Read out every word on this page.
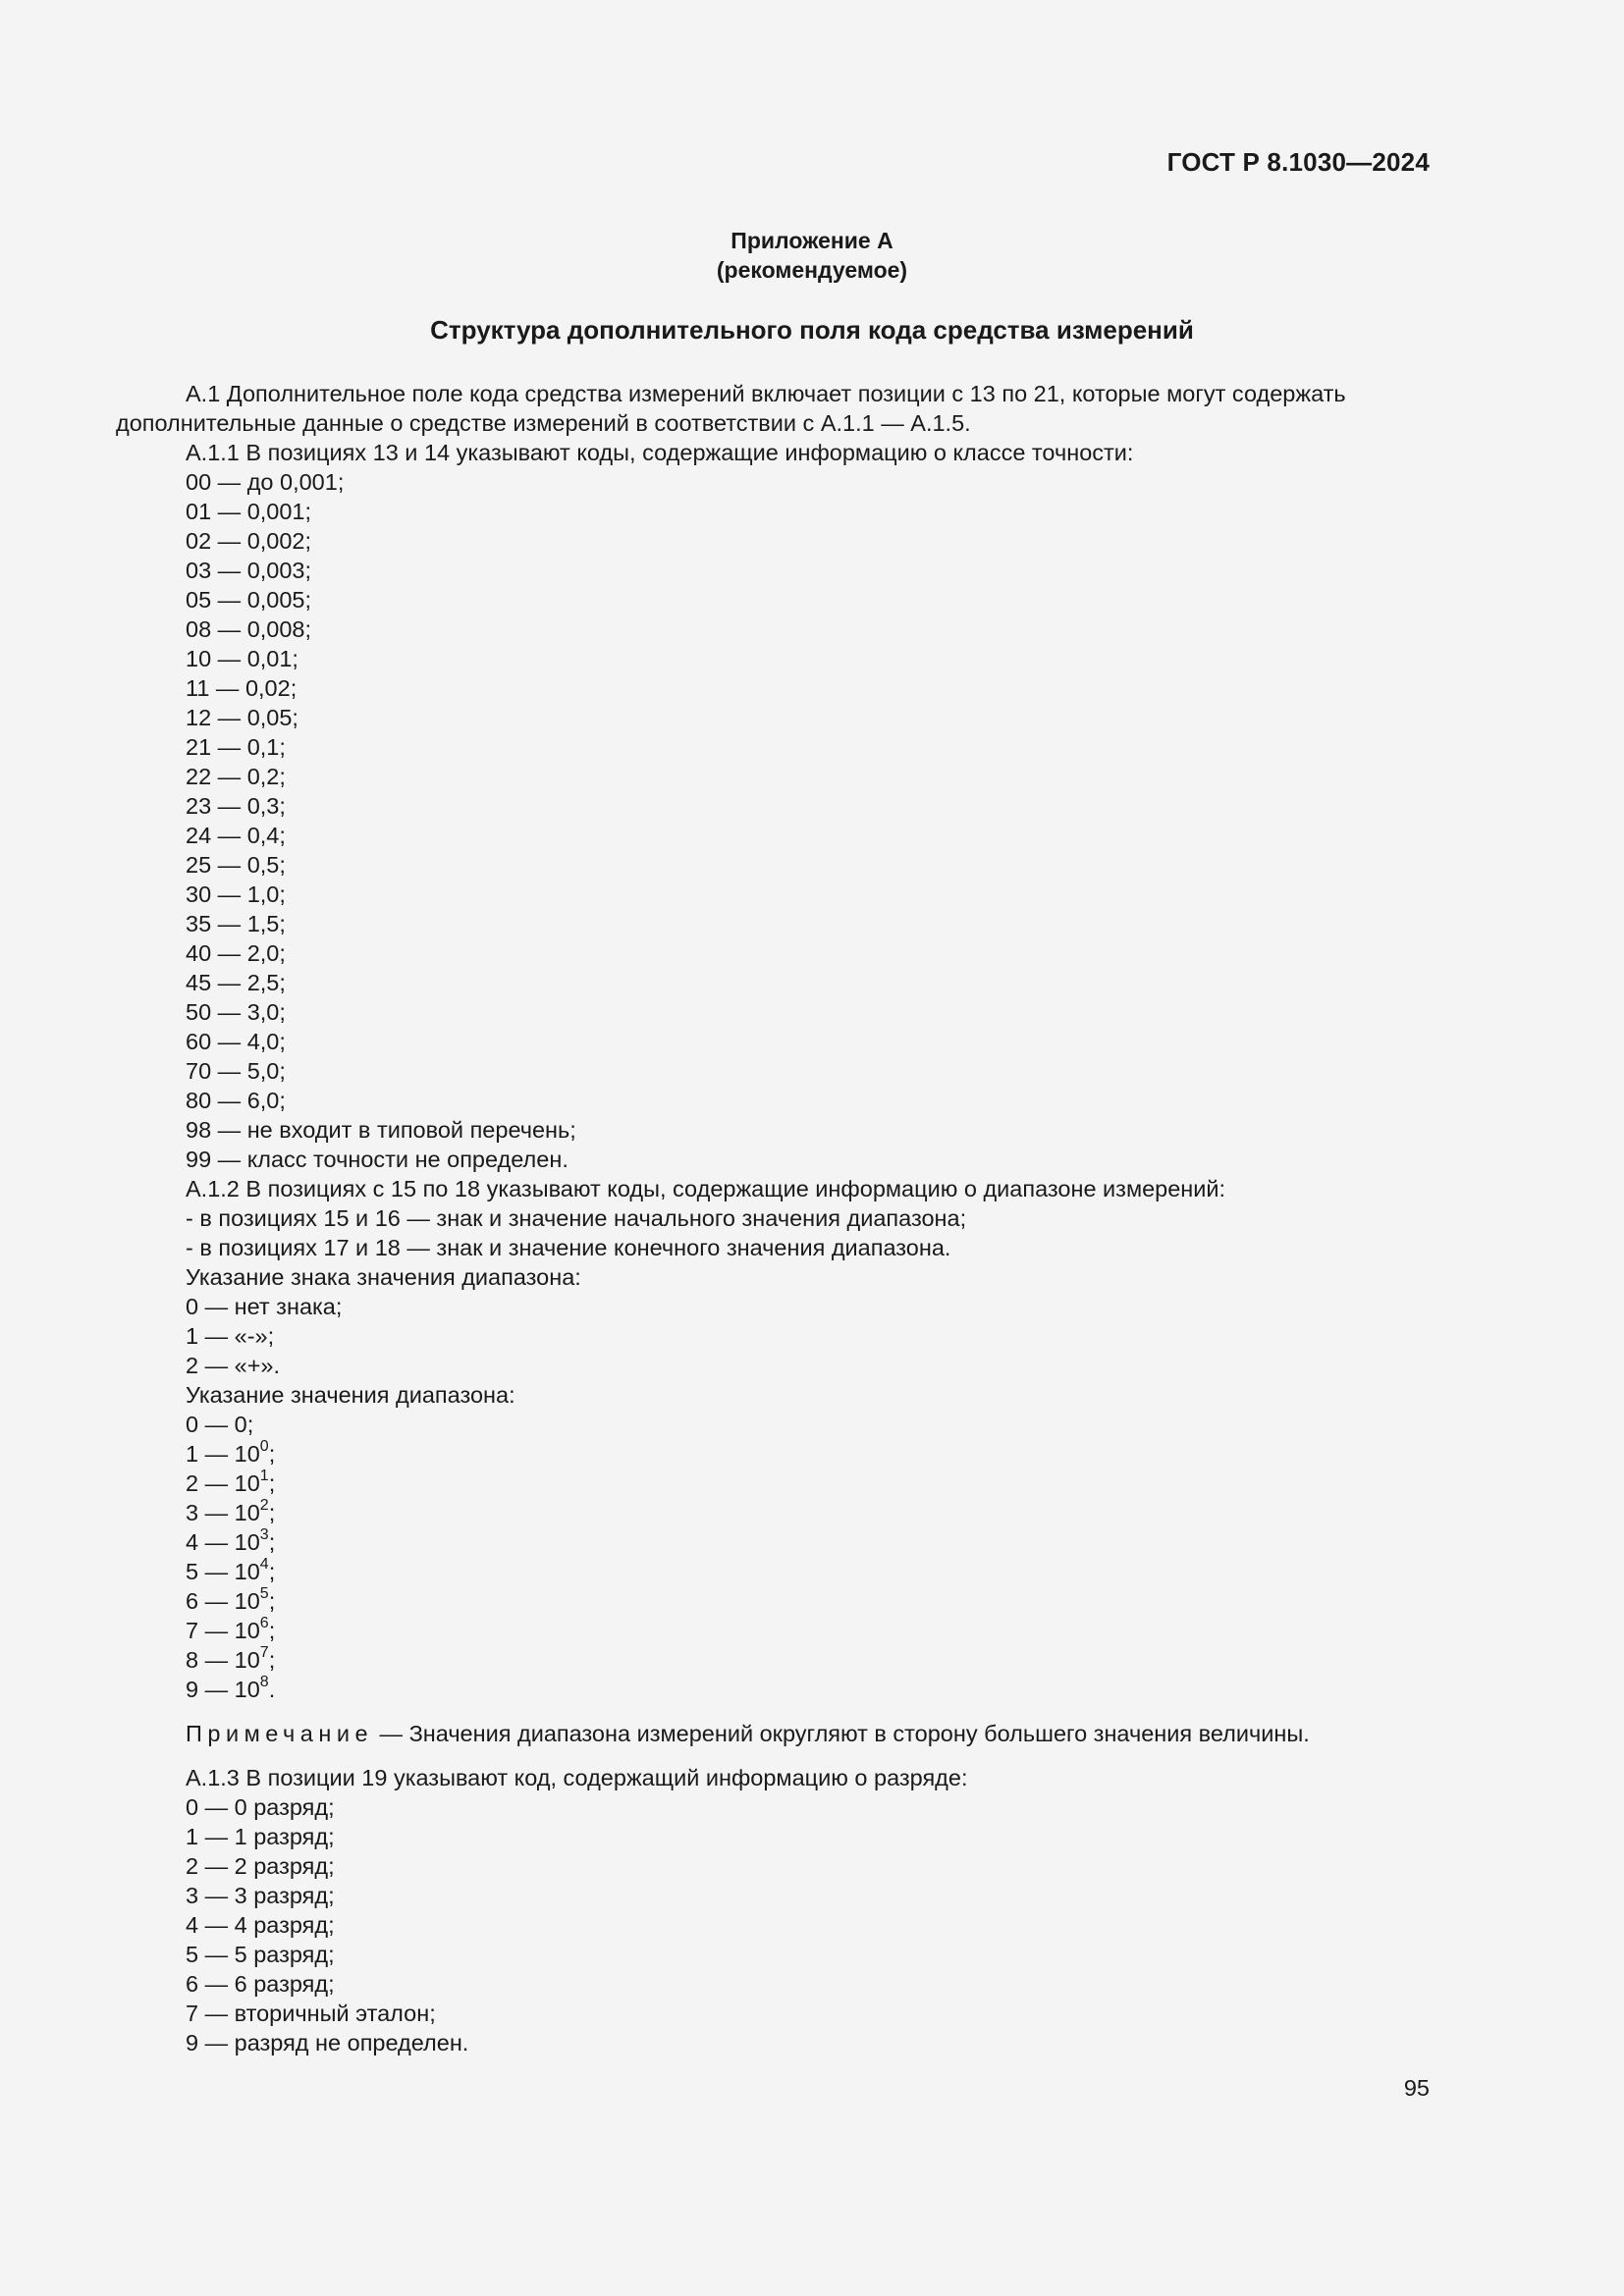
ГОСТ Р 8.1030—2024
Приложение А
(рекомендуемое)
Структура дополнительного поля кода средства измерений

А.1 Дополнительное поле кода средства измерений включает позиции с 13 по 21, которые могут содержать дополнительные данные о средстве измерений в соответствии с А.1.1 — А.1.5.

А.1.1 В позициях 13 и 14 указывают коды, содержащие информацию о классе точности:

00 — до 0,001;

01 — 0,001;

02 — 0,002;

03 — 0,003;

05 — 0,005;

08 — 0,008;

10 — 0,01;

11 — 0,02;

12 — 0,05;

21 — 0,1;

22 — 0,2;

23 — 0,3;

24 — 0,4;

25 — 0,5;

30 — 1,0;

35 — 1,5;

40 — 2,0;

45 — 2,5;

50 — 3,0;

60 — 4,0;

70 — 5,0;

80 — 6,0;

98 — не входит в типовой перечень;

99 — класс точности не определен.

А.1.2 В позициях с 15 по 18 указывают коды, содержащие информацию о диапазоне измерений:

- в позициях 15 и 16 — знак и значение начального значения диапазона;

- в позициях 17 и 18 — знак и значение конечного значения диапазона.

Указание знака значения диапазона:

0 — нет знака;

1 — «-»;

2 — «+».

Указание значения диапазона:

0 — 0;

1 — $10^0$;

2 — $10^1$;

3 — $10^2$;

4 — $10^3$;

5 — $10^4$;

6 — $10^5$;

7 — $10^6$;

8 — $10^7$;

9 — $10^8$.

Примечание — Значения диапазона измерений округляют в сторону большего значения величины.

А.1.3 В позиции 19 указывают код, содержащий информацию о разряде:

0 — 0 разряд;

1 — 1 разряд;

2 — 2 разряд;

3 — 3 разряд;

4 — 4 разряд;

5 — 5 разряд;

6 — 6 разряд;

7 — вторичный эталон;

9 — разряд не определен.

95
